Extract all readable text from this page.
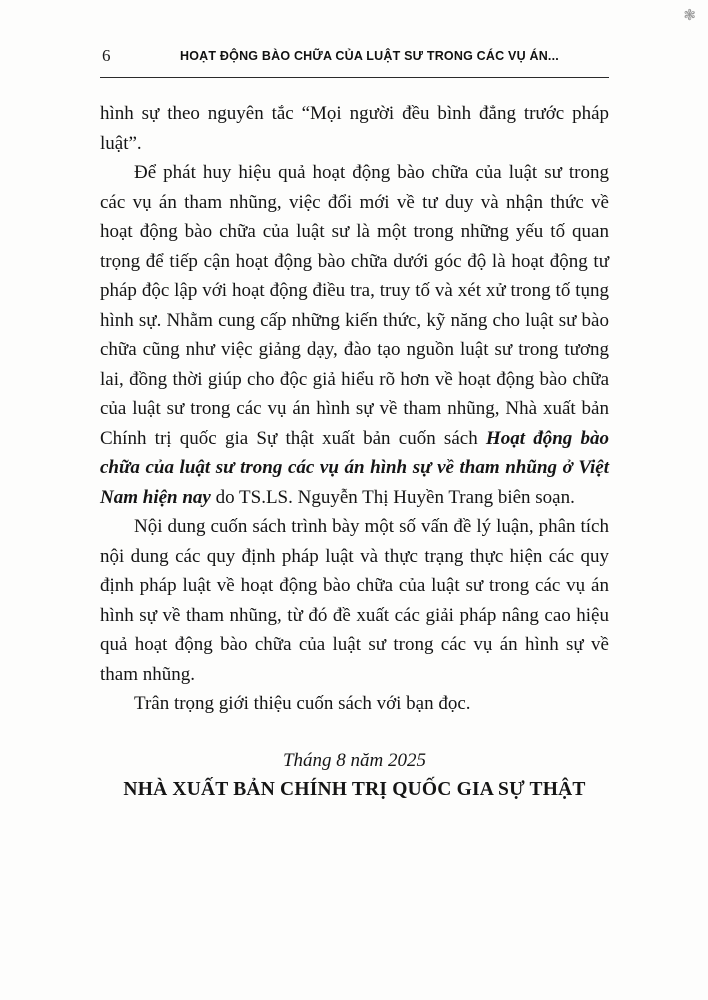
❃
6	HOẠT ĐỘNG BÀO CHỮA CỦA LUẬT SƯ TRONG CÁC VỤ ÁN...

hình sự theo nguyên tắc “Mọi người đều bình đẳng trước pháp luật”.

Để phát huy hiệu quả hoạt động bào chữa của luật sư trong các vụ án tham nhũng, việc đổi mới về tư duy và nhận thức về hoạt động bào chữa của luật sư là một trong những yếu tố quan trọng để tiếp cận hoạt động bào chữa dưới góc độ là hoạt động tư pháp độc lập với hoạt động điều tra, truy tố và xét xử trong tố tụng hình sự. Nhằm cung cấp những kiến thức, kỹ năng cho luật sư bào chữa cũng như việc giảng dạy, đào tạo nguồn luật sư trong tương lai, đồng thời giúp cho độc giả hiểu rõ hơn về hoạt động bào chữa của luật sư trong các vụ án hình sự về tham nhũng, Nhà xuất bản Chính trị quốc gia Sự thật xuất bản cuốn sách Hoạt động bào chữa của luật sư trong các vụ án hình sự về tham nhũng ở Việt Nam hiện nay do TS.LS. Nguyễn Thị Huyền Trang biên soạn.

Nội dung cuốn sách trình bày một số vấn đề lý luận, phân tích nội dung các quy định pháp luật và thực trạng thực hiện các quy định pháp luật về hoạt động bào chữa của luật sư trong các vụ án hình sự về tham nhũng, từ đó đề xuất các giải pháp nâng cao hiệu quả hoạt động bào chữa của luật sư trong các vụ án hình sự về tham nhũng.

Trân trọng giới thiệu cuốn sách với bạn đọc.

Tháng 8 năm 2025

NHÀ XUẤT BẢN CHÍNH TRỊ QUỐC GIA SỰ THẬT
